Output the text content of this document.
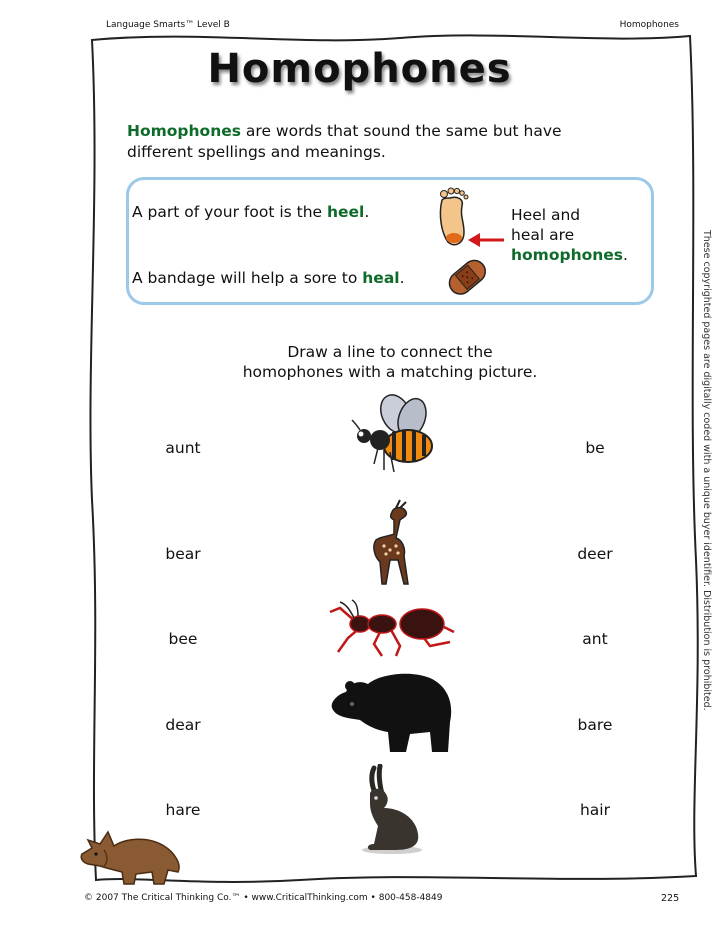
Language Smarts™ Level B	Homophones
Homophones
Homophones are words that sound the same but have different spellings and meanings.
A part of your foot is the heel.
A bandage will help a sore to heal.
Heel and
heal are
homophones.
Draw a line to connect the
homophones with a matching picture.
aunt
bear
bee
dear
hare
be
deer
ant
bare
hair
These copyrighted pages are digitally coded with a unique buyer identifier. Distribution is prohibited.
© 2007 The Critical Thinking Co.™ • www.CriticalThinking.com • 800-458-4849	225
